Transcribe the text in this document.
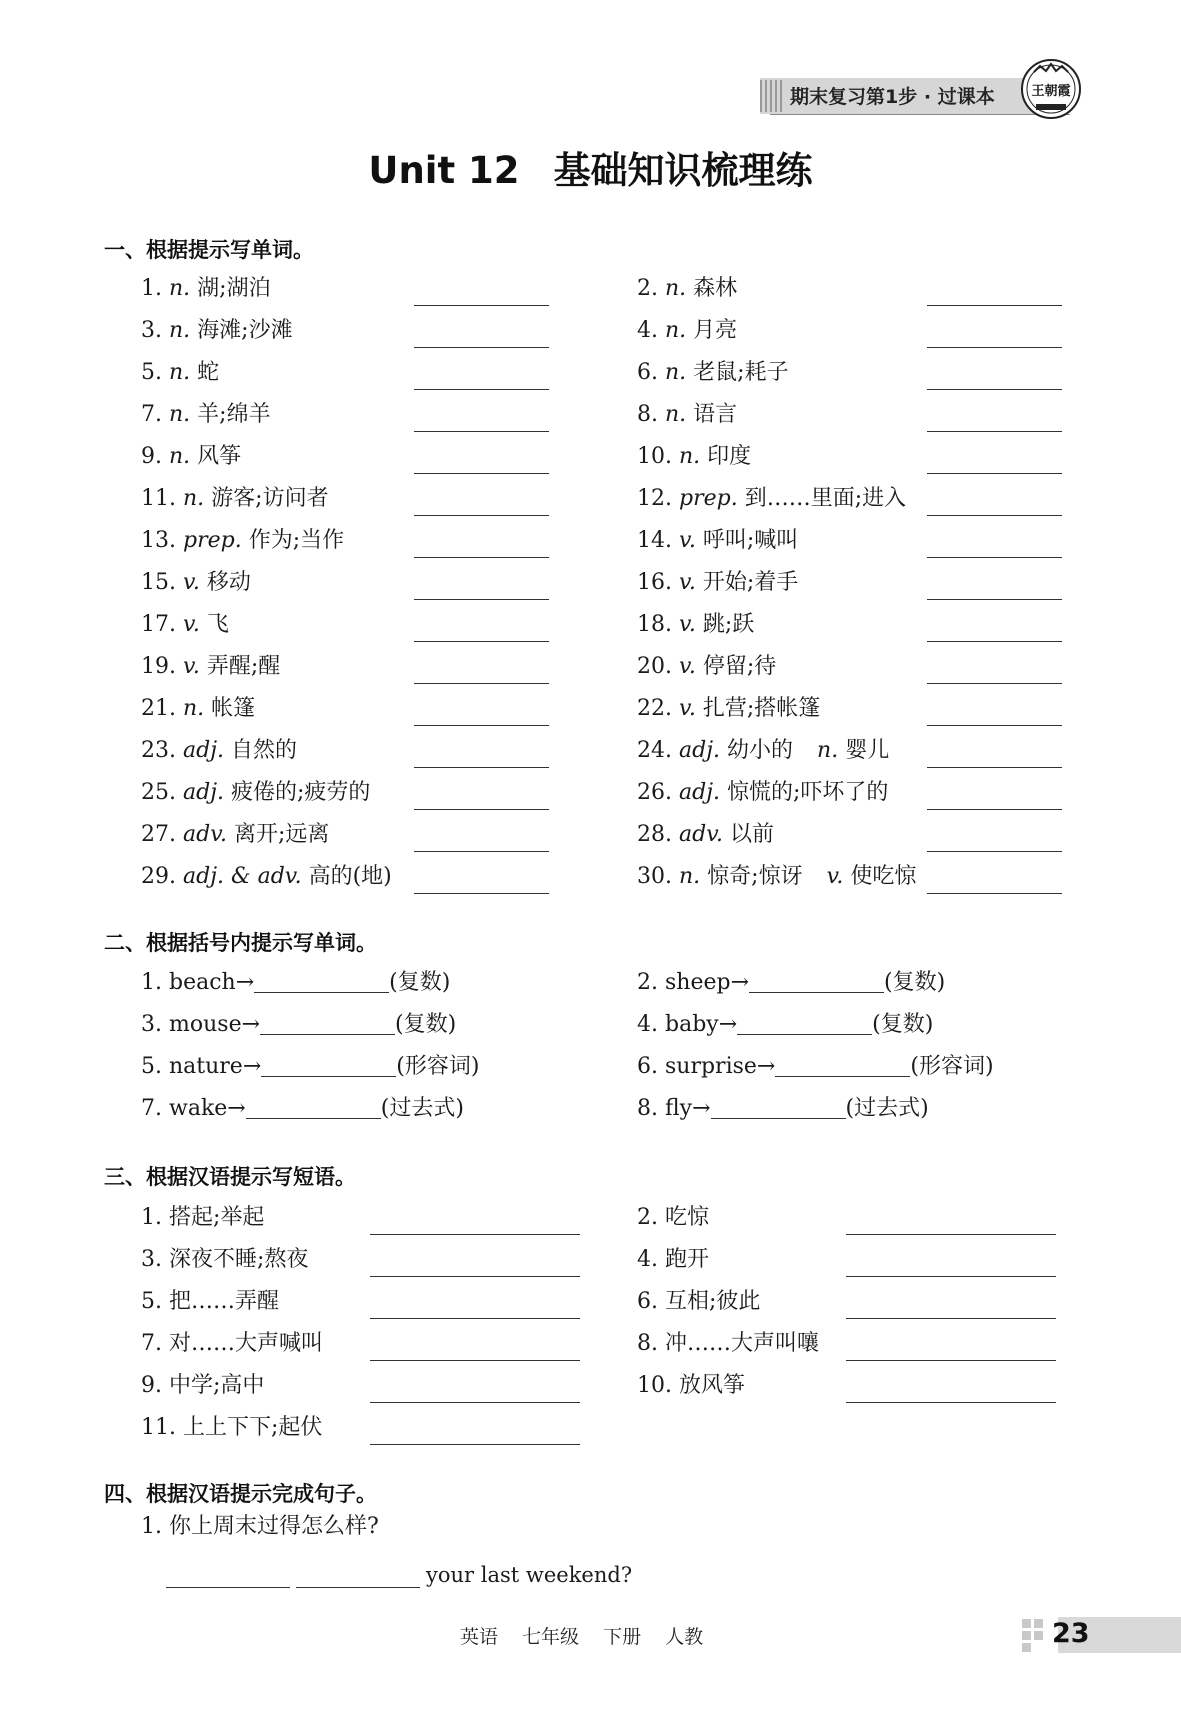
期末复习第1步 · 过课本	王朝霞
Unit 12 基础知识梳理练
一、根据提示写单词。
1. n. 湖;湖泊	2. n. 森林
3. n. 海滩;沙滩	4. n. 月亮
5. n. 蛇	6. n. 老鼠;耗子
7. n. 羊;绵羊	8. n. 语言
9. n. 风筝	10. n. 印度
11. n. 游客;访问者	12. prep. 到……里面;进入
13. prep. 作为;当作	14. v. 呼叫;喊叫
15. v. 移动	16. v. 开始;着手
17. v. 飞	18. v. 跳;跃
19. v. 弄醒;醒	20. v. 停留;待
21. n. 帐篷	22. v. 扎营;搭帐篷
23. adj. 自然的	24. adj. 幼小的 n. 婴儿
25. adj. 疲倦的;疲劳的	26. adj. 惊慌的;吓坏了的
27. adv. 离开;远离	28. adv. 以前
29. adj. & adv. 高的(地)	30. n. 惊奇;惊讶 v. 使吃惊
二、根据括号内提示写单词。
1. beach→	(复数)	2. sheep→	(复数)
3. mouse→	(复数)	4. baby→	(复数)
5. nature→	(形容词)	6. surprise→	(形容词)
7. wake→	(过去式)	8. fly→	(过去式)
三、根据汉语提示写短语。
1. 搭起;举起	2. 吃惊
3. 深夜不睡;熬夜	4. 跑开
5. 把……弄醒	6. 互相;彼此
7. 对……大声喊叫	8. 冲……大声叫嚷
9. 中学;高中	10. 放风筝
11. 上上下下;起伏
四、根据汉语提示完成句子。
1. 你上周末过得怎么样?
your last weekend?
英语 七年级 下册 人教	23
